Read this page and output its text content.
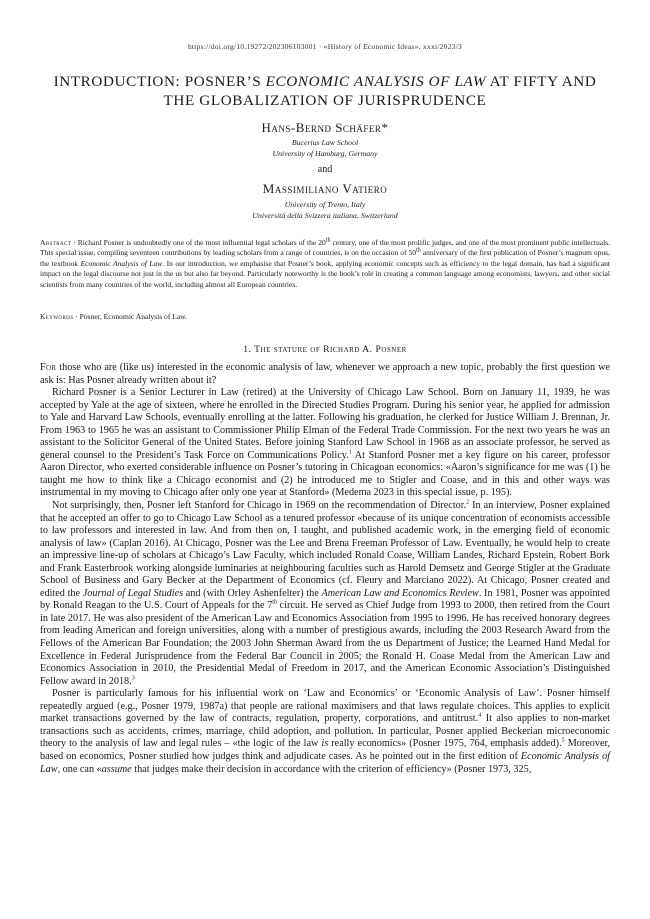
https://doi.org/10.19272/202306103001 · «History of Economic Ideas», xxxi/2023/3
INTRODUCTION: POSNER’S ECONOMIC ANALYSIS OF LAW AT FIFTY AND
THE GLOBALIZATION OF JURISPRUDENCE
Hans-Bernd Schäfer*
Bucerius Law School
University of Hamburg, Germany
and
Massimiliano Vatiero
University of Trento, Italy
Università della Svizzera italiana, Switzerland
Abstract · Richard Posner is undoubtedly one of the most influential legal scholars of the 20th century, one of the most prolific judges, and one of the most prominent public intellectuals. This special issue, compiling seventeen contributions by leading scholars from a range of countries, is on the occasion of 50th anniversary of the first publication of Posner’s magnum opus, the textbook Economic Analysis of Law. In our introduction, we emphasise that Posner’s book, applying economic concepts such as efficiency to the legal domain, has had a significant impact on the legal discourse not just in the us but also far beyond. Particularly noteworthy is the book’s role in creating a common language among economists, lawyers, and other social scientists from many countries of the world, including almost all European countries.
Keywords · Posner, Economic Analysis of Law.
1. The stature of Richard A. Posner

For those who are (like us) interested in the economic analysis of law, whenever we approach a new topic, probably the first question we ask is: Has Posner already written about it?

Richard Posner is a Senior Lecturer in Law (retired) at the University of Chicago Law School. Born on January 11, 1939, he was accepted by Yale at the age of sixteen, where he enrolled in the Directed Studies Program. During his senior year, he applied for admission to Yale and Harvard Law Schools, eventually enrolling at the latter. Following his graduation, he clerked for Justice William J. Brennan, Jr. From 1963 to 1965 he was an assistant to Commissioner Philip Elman of the Federal Trade Commission. For the next two years he was an assistant to the Solicitor General of the United States. Before joining Stanford Law School in 1968 as an associate professor, he served as general counsel to the President’s Task Force on Communications Policy.$^1$ At Stanford Posner met a key figure on his career, professor Aaron Director, who exerted considerable influence on Posner’s tutoring in Chicagoan economics: «Aaron’s significance for me was (1) he taught me how to think like a Chicago economist and (2) he introduced me to Stigler and Coase, and in this and other ways was instrumental in my moving to Chicago after only one year at Stanford» (Medema 2023 in this special issue, p. 195).

Not surprisingly, then, Posner left Stanford for Chicago in 1969 on the recommendation of Director.$^2$ In an interview, Posner explained that he accepted an offer to go to Chicago Law School as a tenured professor «because of its unique concentration of economists accessible to law professors and interested in law. And from then on, I taught, and published academic work, in the emerging field of economic analysis of law» (Caplan 2016). At Chicago, Posner was the Lee and Brena Freeman Professor of Law. Eventually, he would help to create an impressive line-up of scholars at Chicago’s Law Faculty, which included Ronald Coase, William Landes, Richard Epstein, Robert Bork and Frank Easterbrook working alongside luminaries at neighbouring faculties such as Harold Demsetz and George Stigler at the Graduate School of Business and Gary Becker at the Department of Economics (cf. Fleury and Marciano 2022). At Chicago, Posner created and edited the Journal of Legal Studies and (with Orley Ashenfelter) the American Law and Economics Review. In 1981, Posner was appointed by Ronald Reagan to the U.S. Court of Appeals for the 7th circuit. He served as Chief Judge from 1993 to 2000, then retired from the Court in late 2017. He was also president of the American Law and Economics Association from 1995 to 1996. He has received honorary degrees from leading American and foreign universities, along with a number of prestigious awards, including the 2003 Research Award from the Fellows of the American Bar Foundation; the 2003 John Sherman Award from the us Department of Justice; the Learned Hand Medal for Excellence in Federal Jurisprudence from the Federal Bar Council in 2005; the Ronald H. Coase Medal from the American Law and Economics Association in 2010, the Presidential Medal of Freedom in 2017, and the American Economic Association’s Distinguished Fellow award in 2018.$^3$

Posner is particularly famous for his influential work on ‘Law and Economics’ or ‘Economic Analysis of Law’. Posner himself repeatedly argued (e.g., Posner 1979, 1987a) that people are rational maximisers and that laws regulate choices. This applies to explicit market transactions governed by the law of contracts, regulation, property, corporations, and antitrust.$^4$ It also applies to non-market transactions such as accidents, crimes, marriage, child adoption, and pollution. In particular, Posner applied Beckerian microeconomic theory to the analysis of law and legal rules – «the logic of the law is really economics» (Posner 1975, 764, emphasis added).$^5$ Moreover, based on economics, Posner studied how judges think and adjudicate cases. As he pointed out in the first edition of Economic Analysis of Law, one can «assume that judges make their decision in accordance with the criterion of efficiency» (Posner 1973, 325,
